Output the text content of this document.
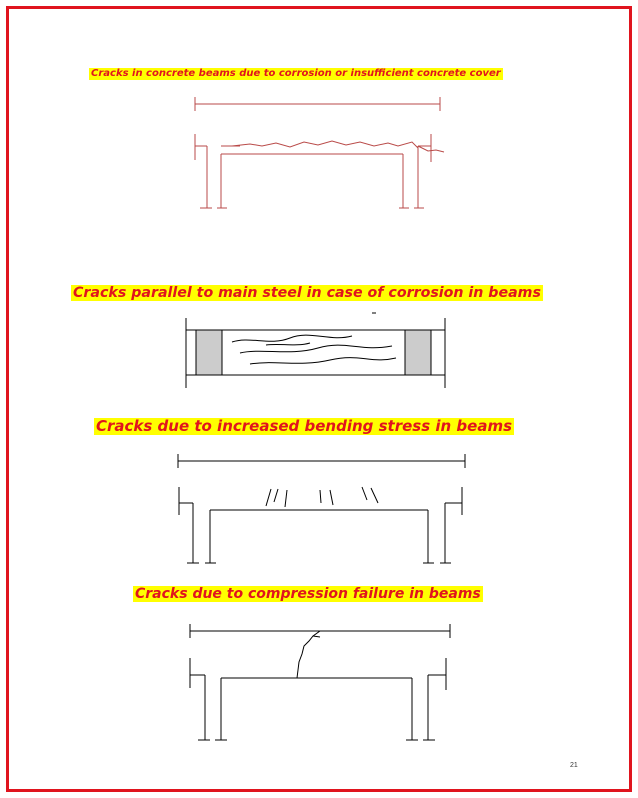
Cracks in concrete beams due to corrosion or insufficient concrete cover
Cracks parallel to main steel in case of corrosion in beams
Cracks due to increased bending stress in beams
Cracks due to compression failure in beams
21
